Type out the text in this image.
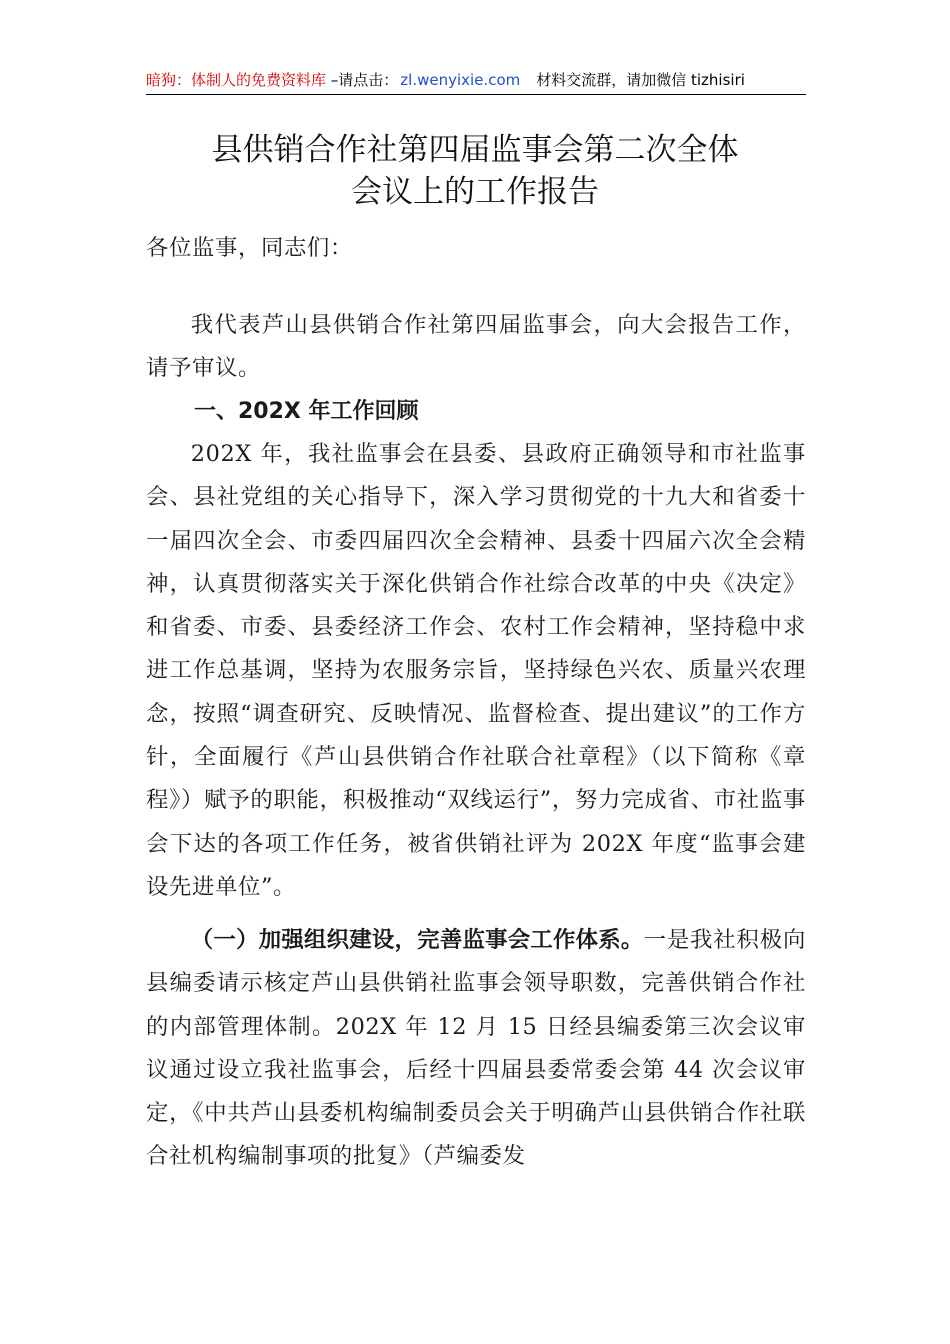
暗狗：体制人的免费资料库 –请点击： zl.wenyixie.com 材料交流群，请加微信 tizhisiri
县供销合作社第四届监事会第二次全体
会议上的工作报告
各位监事，同志们：
我代表芦山县供销合作社第四届监事会，向大会报告工作，请予审议。
一、202X 年工作回顾
202X 年，我社监事会在县委、县政府正确领导和市社监事会、县社党组的关心指导下，深入学习贯彻党的十九大和省委十一届四次全会、市委四届四次全会精神、县委十四届六次全会精神，认真贯彻落实关于深化供销合作社综合改革的中央《决定》和省委、市委、县委经济工作会、农村工作会精神，坚持稳中求进工作总基调，坚持为农服务宗旨，坚持绿色兴农、质量兴农理念，按照“调查研究、反映情况、监督检查、提出建议”的工作方针，全面履行《芦山县供销合作社联合社章程》（以下简称《章程》）赋予的职能，积极推动“双线运行”，努力完成省、市社监事会下达的各项工作任务，被省供销社评为 202X 年度“监事会建设先进单位”。
（一）加强组织建设，完善监事会工作体系。一是我社积极向县编委请示核定芦山县供销社监事会领导职数，完善供销合作社的内部管理体制。202X 年 12 月 15 日经县编委第三次会议审议通过设立我社监事会，后经十四届县委常委会第 44 次会议审定，《中共芦山县委机构编制委员会关于明确芦山县供销合作社联合社机构编制事项的批复》（芦编委发
